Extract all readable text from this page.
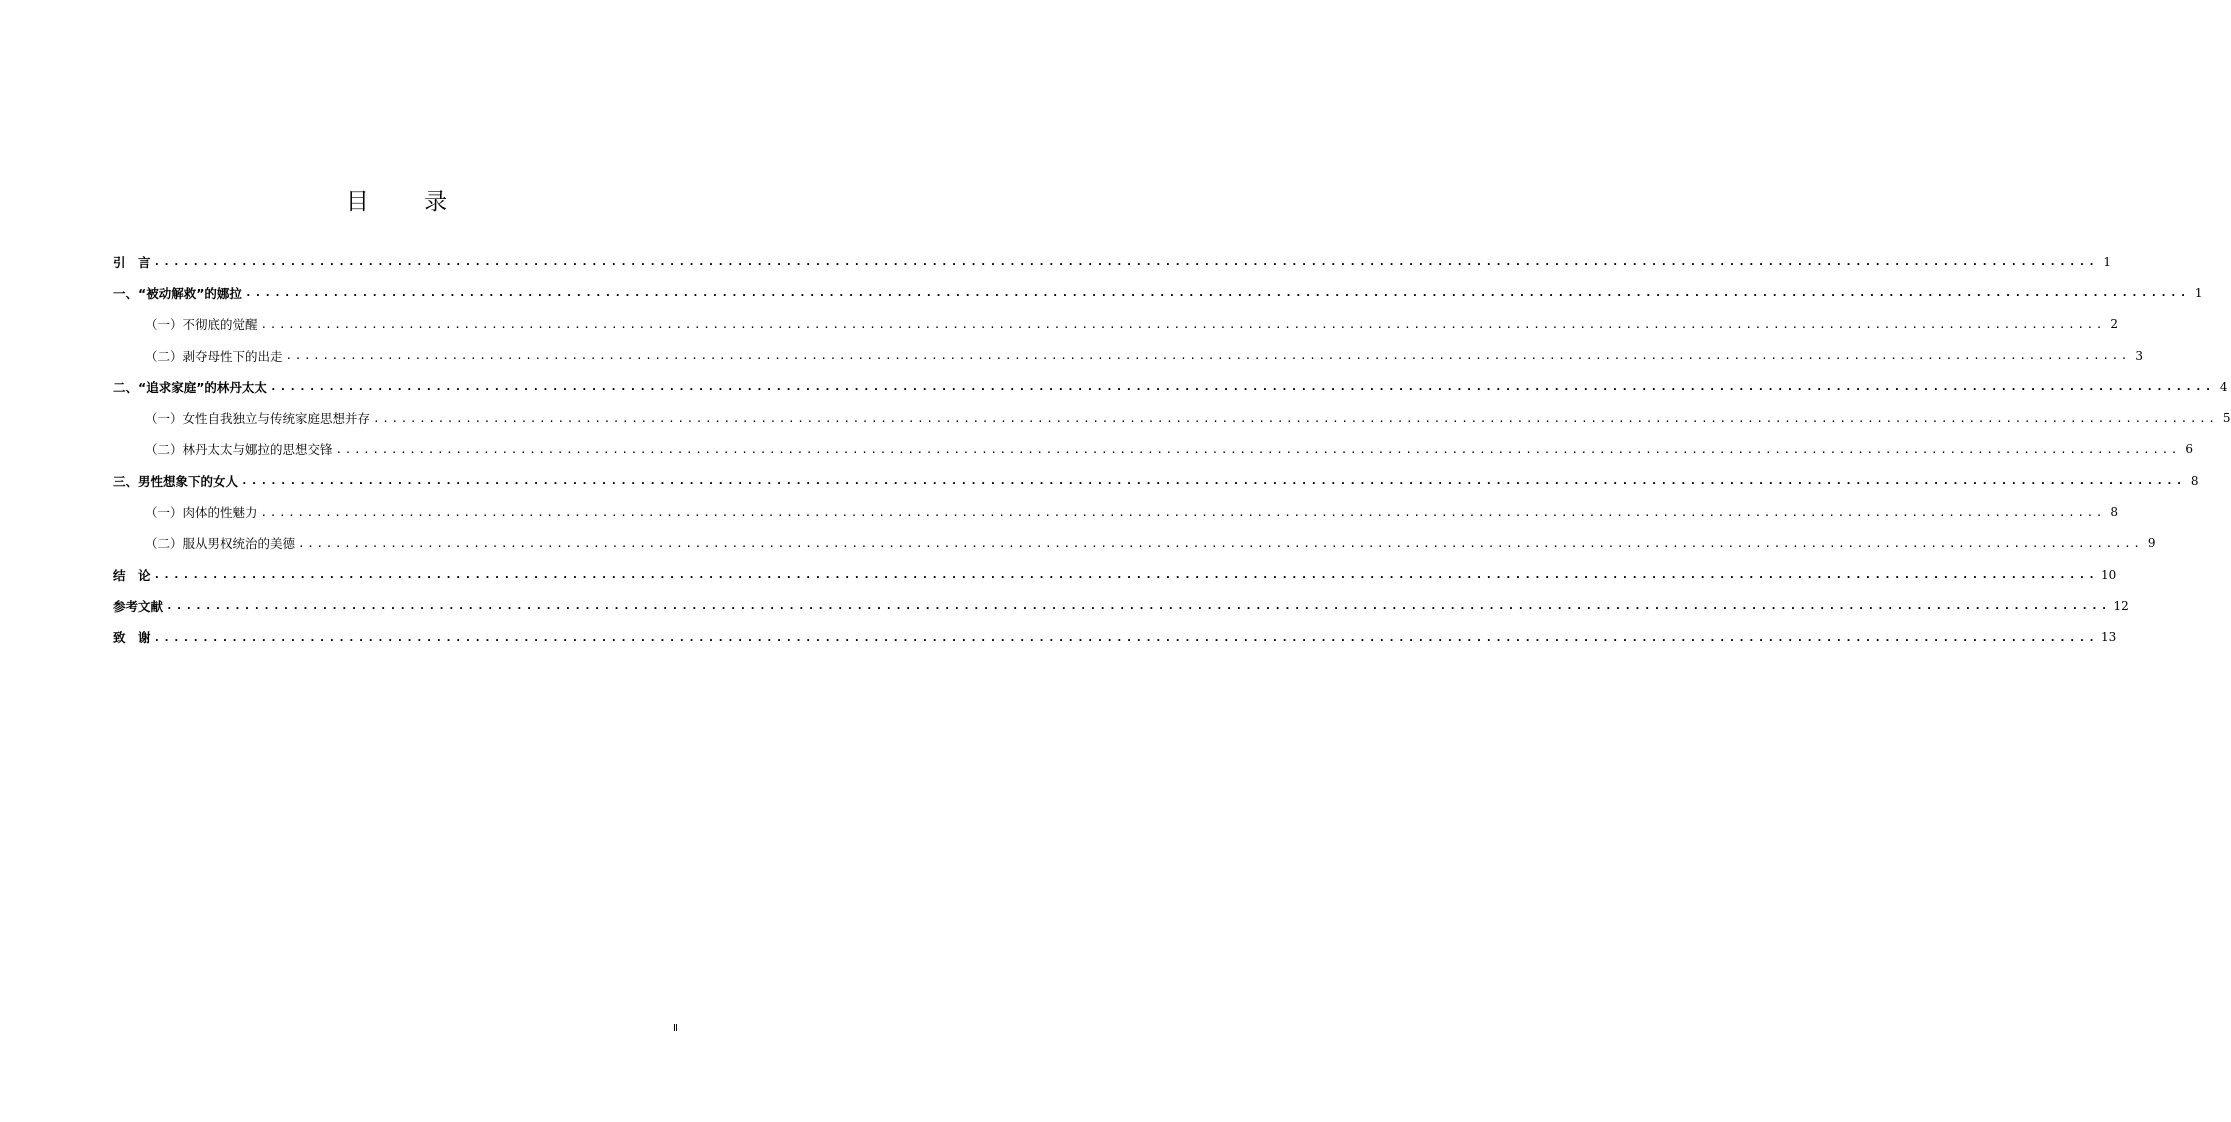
目 录
引　言 ........................................................................................................................................................................................................ 1
一、“被动解救”的娜拉 ........................................................................................................................................................................................................ 1
（一）不彻底的觉醒 ........................................................................................................................................................................................................ 2
（二）剥夺母性下的出走 ........................................................................................................................................................................................................ 3
二、“追求家庭”的林丹太太 ........................................................................................................................................................................................................ 4
（一）女性自我独立与传统家庭思想并存 ........................................................................................................................................................................................................ 5
（二）林丹太太与娜拉的思想交锋 ........................................................................................................................................................................................................ 6
三、男性想象下的女人 ........................................................................................................................................................................................................ 8
（一）肉体的性魅力 ........................................................................................................................................................................................................ 8
（二）服从男权统治的美德 ........................................................................................................................................................................................................ 9
结　论 ........................................................................................................................................................................................................ 10
参考文献 ........................................................................................................................................................................................................ 12
致　谢 ........................................................................................................................................................................................................ 13
Ⅱ
